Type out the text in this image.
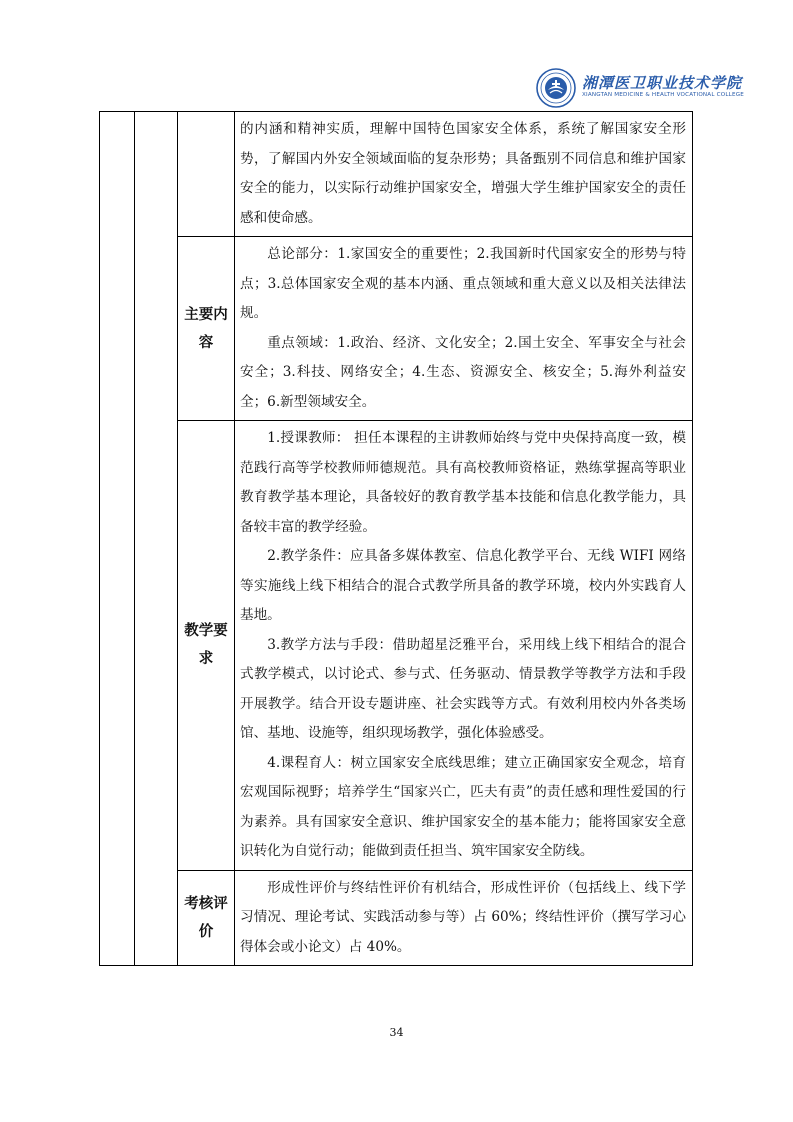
湘潭医卫职业技术学院
XIANGTAN MEDICINE & HEALTH VOCATIONAL COLLEGE

			的内涵和精神实质，理解中国特色国家安全体系，系统了解国家安全形势，了解国内外安全领域面临的复杂形势；具备甄别不同信息和维护国家安全的能力，以实际行动维护国家安全，增强大学生维护国家安全的责任感和使命感。

		主要内容	总论部分：1.家国安全的重要性；2.我国新时代国家安全的形势与特点；3.总体国家安全观的基本内涵、重点领域和重大意义以及相关法律法规。

重点领域：1.政治、经济、文化安全；2.国土安全、军事安全与社会安全；3.科技、网络安全；4.生态、资源安全、核安全；5.海外利益安全；6.新型领域安全。

		教学要求	1.授课教师： 担任本课程的主讲教师始终与党中央保持高度一致，模范践行高等学校教师师德规范。具有高校教师资格证，熟练掌握高等职业教育教学基本理论，具备较好的教育教学基本技能和信息化教学能力，具备较丰富的教学经验。

2.教学条件：应具备多媒体教室、信息化教学平台、无线 WIFI 网络等实施线上线下相结合的混合式教学所具备的教学环境，校内外实践育人基地。

3.教学方法与手段：借助超星泛雅平台，采用线上线下相结合的混合式教学模式，以讨论式、参与式、任务驱动、情景教学等教学方法和手段开展教学。结合开设专题讲座、社会实践等方式。有效利用校内外各类场馆、基地、设施等，组织现场教学，强化体验感受。

4.课程育人：树立国家安全底线思维；建立正确国家安全观念，培育宏观国际视野；培养学生“国家兴亡，匹夫有责”的责任感和理性爱国的行为素养。具有国家安全意识、维护国家安全的基本能力；能将国家安全意识转化为自觉行动；能做到责任担当、筑牢国家安全防线。

		考核评价	形成性评价与终结性评价有机结合，形成性评价（包括线上、线下学习情况、理论考试、实践活动参与等）占 60%；终结性评价（撰写学习心得体会或小论文）占 40%。

34
